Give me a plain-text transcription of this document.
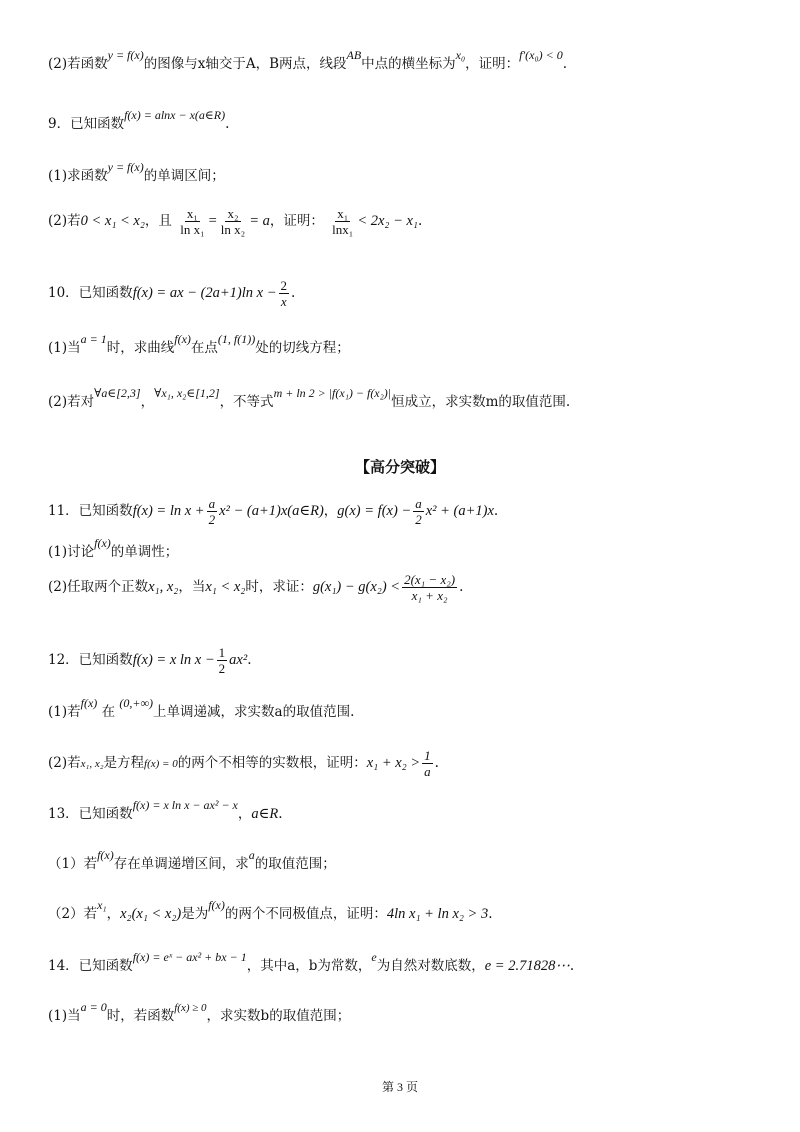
(2)若函数y = f(x)的图像与x轴交于A，B两点，线段AB中点的横坐标为x₀，证明：f′(x₀) < 0.
9．已知函数f(x) = alnx − x(a∈R).
(1)求函数y = f(x)的单调区间；
(2)若0 < x₁ < x₂，且 $\frac{\text{x₁}}{\text{ln x₁}} = \frac{\text{x₂}}{\text{ln x₂}} = a$，证明： $\frac{\text{x₁}}{\text{lnx₁}} < 2x_2 - x_1$.
10．已知函数f(x) = ax − (2a+1)ln $x - \frac{2}{x}$ .
(1)当a = 1时，求曲线f(x)在点(1, f(1))处的切线方程；
(2)若对∀a∈[2,3]，∀x₁, x₂∈[1,2]，不等式m + ln 2 > |f(x₁) − f(x₂)|恒成立，求实数m的取值范围.
【高分突破】
11．已知函数$f(x) = \ln x + \frac{a}{2} x^2$ − (a+1)x(a∈R)，$g(x) = f(x) - \frac{a}{2} x^2 + (a+1)x$.
(1)讨论f(x)的单调性；
(2)任取两个正数x₁, x₂，当x₁ < x₂时，求证：$g(x_1) - g(x_2) < \frac{\text{2(x₁ − x₂)}}{\text{x₁ + x₂}}$ .
12．已知函数f(x) = x $\ln x - \frac{1}{2} ax^2$.
(1)若f(x) 在 (0,+∞)上单调递减，求实数a的取值范围.
(2)若x₁, x₂是方程f(x) = 0的两个不相等的实数根，证明：$x_1 + x_2 > \frac{1}{a}$ .
13．已知函数f(x) = x ln x − ax² − x，a∈R.
（1）若f(x)存在单调递增区间，求a的取值范围；
（2）若x₁，x₂(x₁ < x₂)是为f(x)的两个不同极值点，证明：4ln x₁ + ln x₂ > 3.
14．已知函数f(x) = eˣ − ax² + bx − 1，其中a，b为常数，e为自然对数底数，e = 2.71828⋯.
(1)当a = 0时，若函数$^{f(x) \ge 0}$，求实数b的取值范围；
第 3 页
